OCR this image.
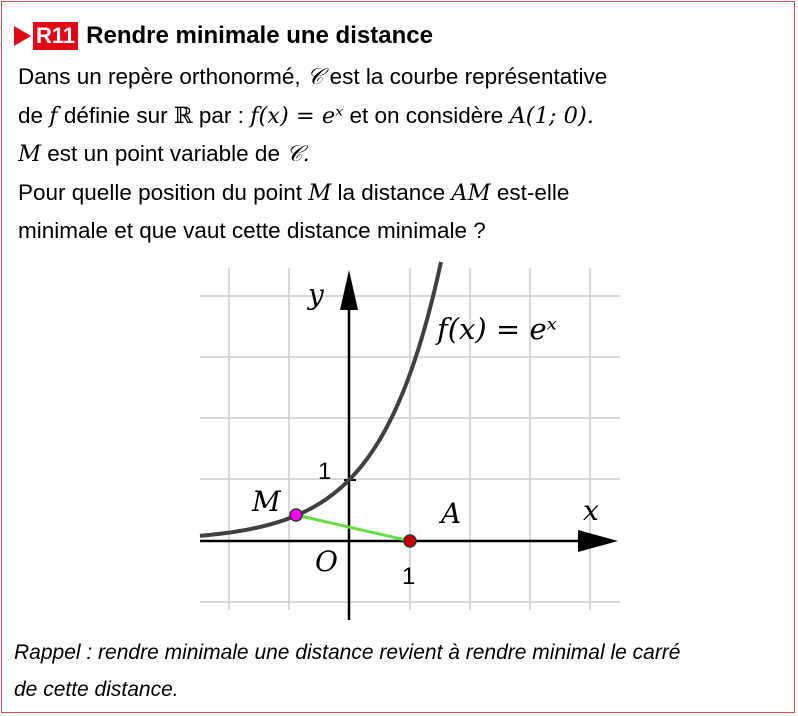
R11 Rendre minimale une distance
Dans un repère orthonormé, 𝒞 est la courbe représentative
de f définie sur ℝ par : f(x) = eˣ et on considère A(1; 0).
M est un point variable de 𝒞.
Pour quelle position du point M la distance AM est-elle
minimale et que vaut cette distance minimale ?
y
x
f(x) = eˣ
1
1
O
M	A
Rappel : rendre minimale une distance revient à rendre minimal le carré
de cette distance.
